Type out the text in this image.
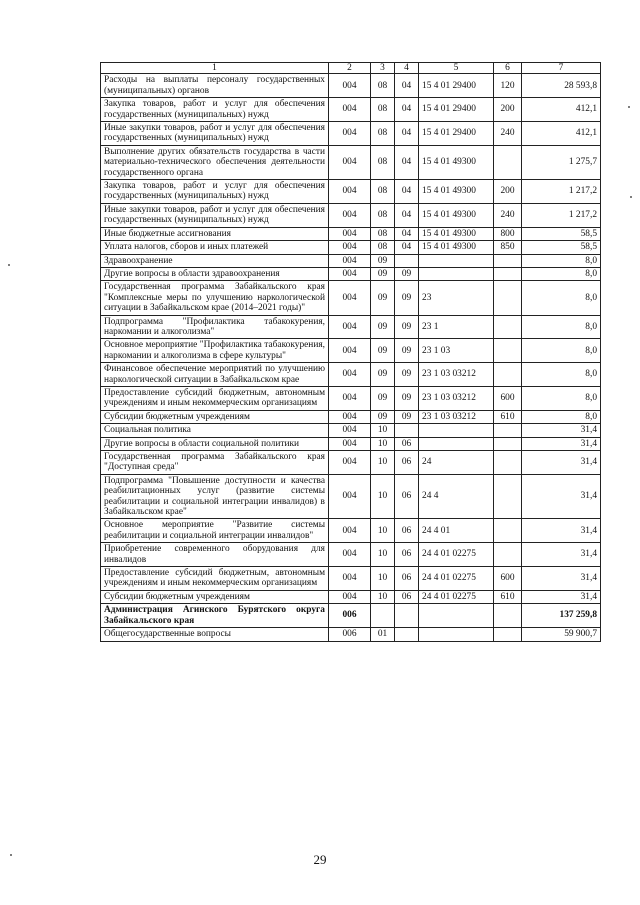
1	2	3	4	5	6	7
Расходы на выплаты персоналу государственных (муниципальных) органов	004	08	04	15 4 01 29400	120	28 593,8
Закупка товаров, работ и услуг для обеспечения государственных (муниципальных) нужд	004	08	04	15 4 01 29400	200	412,1
Иные закупки товаров, работ и услуг для обеспечения государственных (муниципальных) нужд	004	08	04	15 4 01 29400	240	412,1
Выполнение других обязательств государства в части материально-технического обеспечения деятельности государственного органа	004	08	04	15 4 01 49300		1 275,7
Закупка товаров, работ и услуг для обеспечения государственных (муниципальных) нужд	004	08	04	15 4 01 49300	200	1 217,2
Иные закупки товаров, работ и услуг для обеспечения государственных (муниципальных) нужд	004	08	04	15 4 01 49300	240	1 217,2
Иные бюджетные ассигнования	004	08	04	15 4 01 49300	800	58,5
Уплата налогов, сборов и иных платежей	004	08	04	15 4 01 49300	850	58,5
Здравоохранение	004	09				8,0
Другие вопросы в области здравоохранения	004	09	09			8,0
Государственная программа Забайкальского края "Комплексные меры по улучшению наркологической ситуации в Забайкальском крае (2014–2021 годы)"	004	09	09	23		8,0
Подпрограмма "Профилактика табакокурения, наркомании и алкоголизма"	004	09	09	23 1		8,0
Основное мероприятие "Профилактика табакокурения, наркомании и алкоголизма в сфере культуры"	004	09	09	23 1 03		8,0
Финансовое обеспечение мероприятий по улучшению наркологической ситуации в Забайкальском крае	004	09	09	23 1 03 03212		8,0
Предоставление субсидий бюджетным, автономным учреждениям и иным некоммерческим организациям	004	09	09	23 1 03 03212	600	8,0
Субсидии бюджетным учреждениям	004	09	09	23 1 03 03212	610	8,0
Социальная политика	004	10				31,4
Другие вопросы в области социальной политики	004	10	06			31,4
Государственная программа Забайкальского края "Доступная среда"	004	10	06	24		31,4
Подпрограмма "Повышение доступности и качества реабилитационных услуг (развитие системы реабилитации и социальной интеграции инвалидов) в Забайкальском крае"	004	10	06	24 4		31,4
Основное мероприятие "Развитие системы реабилитации и социальной интеграции инвалидов"	004	10	06	24 4 01		31,4
Приобретение современного оборудования для инвалидов	004	10	06	24 4 01 02275		31,4
Предоставление субсидий бюджетным, автономным учреждениям и иным некоммерческим организациям	004	10	06	24 4 01 02275	600	31,4
Субсидии бюджетным учреждениям	004	10	06	24 4 01 02275	610	31,4
Администрация Агинского Бурятского округа Забайкальского края	006					137 259,8
Общегосударственные вопросы	006	01				59 900,7
29
